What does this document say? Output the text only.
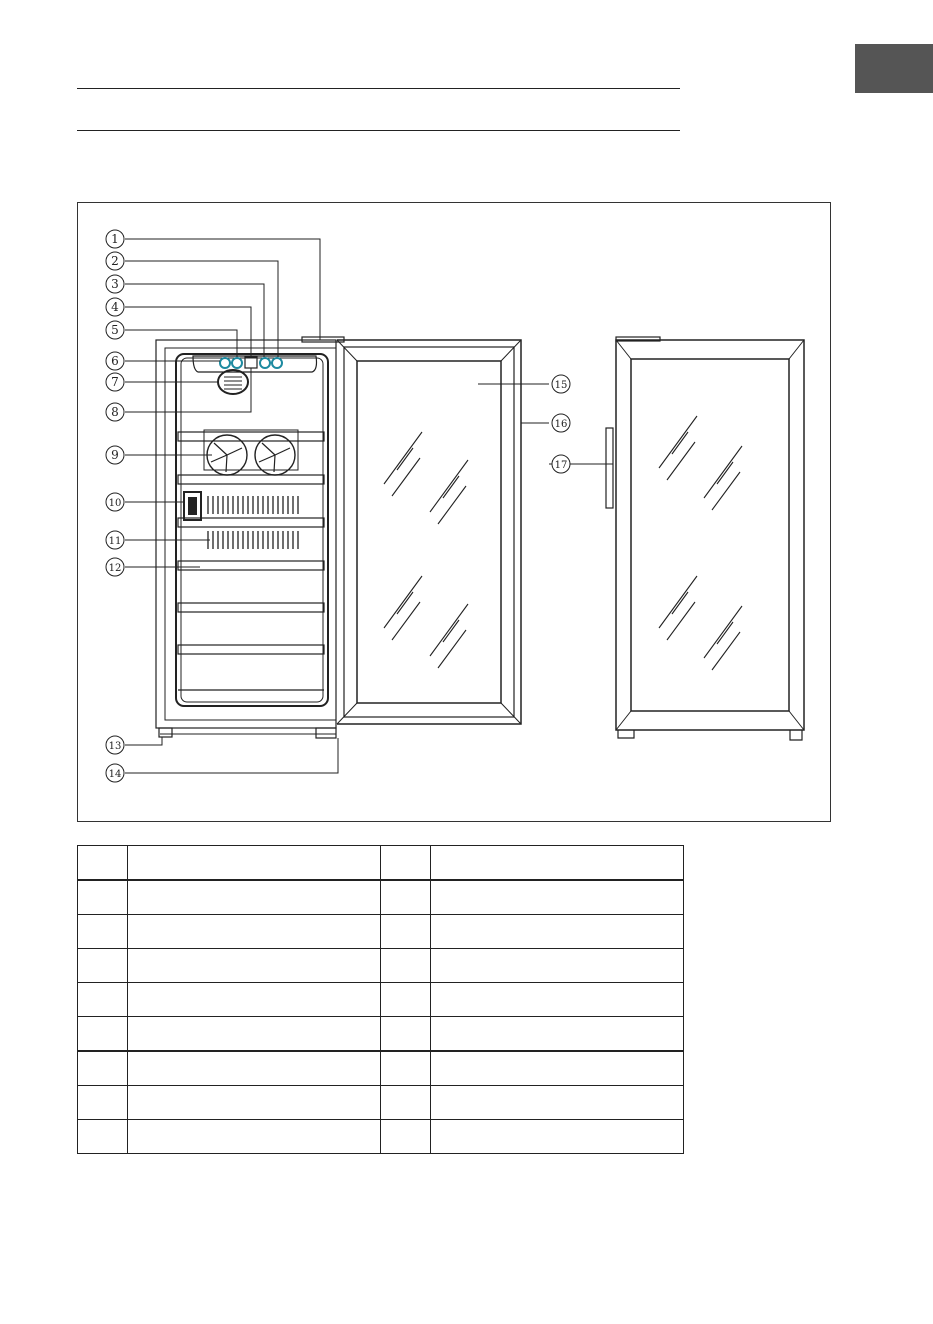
1
2
3
4
5
6
7
8
9
10
11
12
13
14
15
16
17
